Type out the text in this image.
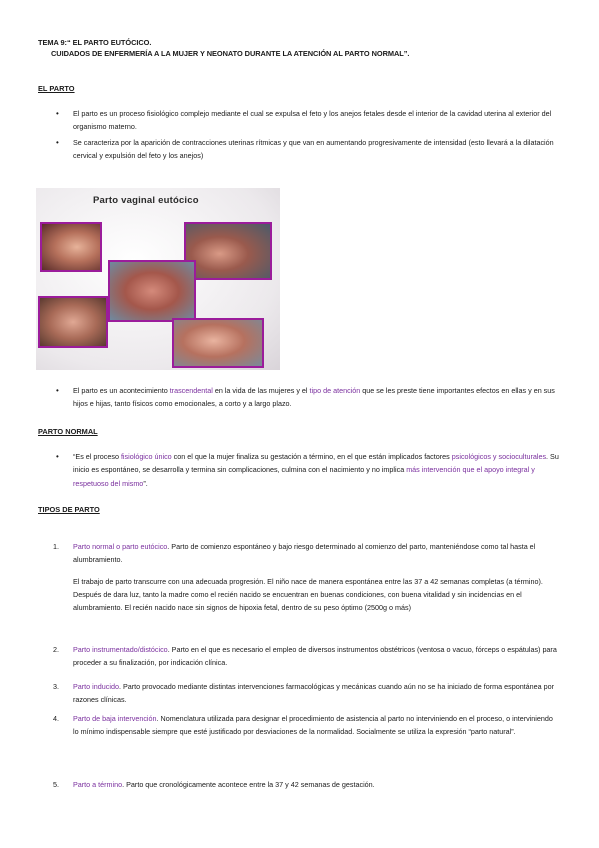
TEMA 9:“ EL PARTO EUTÓCICO.
CUIDADOS DE ENFERMERÍA A LA MUJER Y NEONATO DURANTE LA ATENCIÓN AL PARTO NORMAL”.
EL PARTO
• El parto es un proceso fisiológico complejo mediante el cual se expulsa el feto y los anejos fetales desde el interior de la cavidad uterina al exterior del organismo materno.
• Se caracteriza por la aparición de contracciones uterinas rítmicas y que van en aumentando progresivamente de intensidad (esto llevará a la dilatación cervical y expulsión del feto y los anejos)
Parto vaginal eutócico
• El parto es un acontecimiento trascendental en la vida de las mujeres y el tipo de atención que se les preste tiene importantes efectos en ellas y en sus hijos e hijas, tanto físicos como emocionales, a corto y a largo plazo.
PARTO NORMAL
• “Es el proceso fisiológico único con el que la mujer finaliza su gestación a término, en el que están implicados factores psicológicos y socioculturales. Su inicio es espontáneo, se desarrolla y termina sin complicaciones, culmina con el nacimiento y no implica más intervención que el apoyo integral y respetuoso del mismo”.
TIPOS DE PARTO
1. Parto normal o parto eutócico. Parto de comienzo espontáneo y bajo riesgo determinado al comienzo del parto, manteniéndose como tal hasta el alumbramiento.

El trabajo de parto transcurre con una adecuada progresión. El niño nace de manera espontánea entre las 37 a 42 semanas completas (a término). Después de dara luz, tanto la madre como el recién nacido se encuentran en buenas condiciones, con buena vitalidad y sin incidencias en el alumbramiento. El recién nacido nace sin signos de hipoxia fetal, dentro de su peso óptimo (2500g o más)

2. Parto instrumentado/distócico. Parto en el que es necesario el empleo de diversos instrumentos obstétricos (ventosa o vacuo, fórceps o espátulas) para proceder a su finalización, por indicación clínica.

3. Parto inducido. Parto provocado mediante distintas intervenciones farmacológicas y mecánicas cuando aún no se ha iniciado de forma espontánea por razones clínicas.

4. Parto de baja intervención. Nomenclatura utilizada para designar el procedimiento de asistencia al parto no interviniendo en el proceso, o interviniendo lo mínimo indispensable siempre que esté justificado por desviaciones de la normalidad. Socialmente se utiliza la expresión “parto natural”.

5. Parto a término. Parto que cronológicamente acontece entre la 37 y 42 semanas de gestación.
